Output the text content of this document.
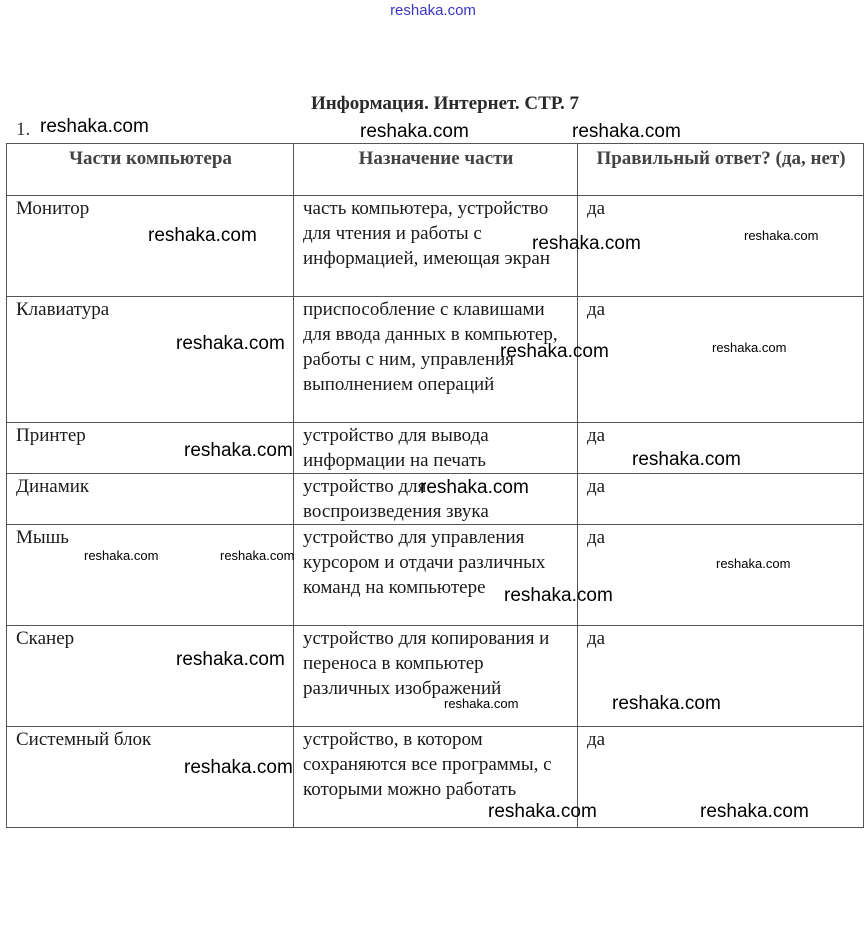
reshaka.com
Информация. Интернет. СТР. 7
1.
Части компьютера	Назначение части	Правильный ответ? (да, нет)
Монитор	часть компьютера, устройство для чтения и работы с информацией, имеющая экран	да
Клавиатура	приспособление с клавишами для ввода данных в компьютер, работы с ним, управления выполнением операций	да
Принтер	устройство для вывода информации на печать	да
Динамик	устройство для воспроизведения звука	да
Мышь	устройство для управления курсором и отдачи различных команд на компьютере	да
Сканер	устройство для копирования и переноса в компьютер различных изображений	да
Системный блок	устройство, в котором сохраняются все программы, с которыми можно работать	да
reshaka.com	reshaka.com	reshaka.com
reshaka.com	reshaka.com	reshaka.com
reshaka.com	reshaka.com	reshaka.com
reshaka.com	reshaka.com
reshaka.com
reshaka.com	reshaka.com
reshaka.com
reshaka.com
reshaka.com
reshaka.com	reshaka.com
reshaka.com
reshaka.com	reshaka.com
